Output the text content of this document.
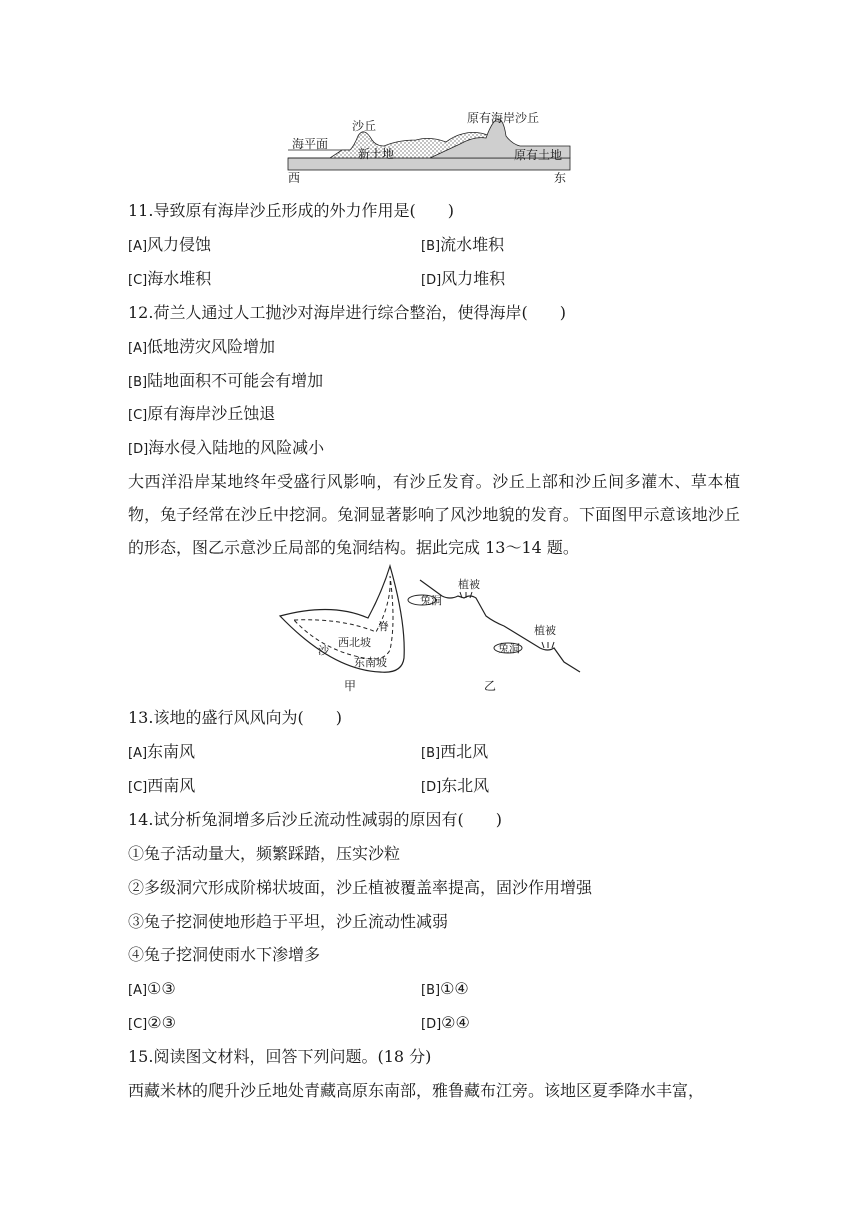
海平面
沙丘
新土地
原有海岸沙丘
原有土地
西	东
11.导致原有海岸沙丘形成的外力作用是(　　)
[A]风力侵蚀	[B]流水堆积
[C]海水堆积	[D]风力堆积
12.荷兰人通过人工抛沙对海岸进行综合整治，使得海岸(　　)
[A]低地涝灾风险增加
[B]陆地面积不可能会有增加
[C]原有海岸沙丘蚀退
[D]海水侵入陆地的风险减小
大西洋沿岸某地终年受盛行风影响，有沙丘发育。沙丘上部和沙丘间多灌木、草本植物，兔子经常在沙丘中挖洞。兔洞显著影响了风沙地貌的发育。下面图甲示意该地沙丘的形态，图乙示意沙丘局部的兔洞结构。据此完成 13～14 题。
沙
西北坡
脊
东南坡
甲
兔洞
植被
兔洞
植被
乙
13.该地的盛行风风向为(　　)
[A]东南风	[B]西北风
[C]西南风	[D]东北风
14.试分析兔洞增多后沙丘流动性减弱的原因有(　　)
①兔子活动量大，频繁踩踏，压实沙粒
②多级洞穴形成阶梯状坡面，沙丘植被覆盖率提高，固沙作用增强
③兔子挖洞使地形趋于平坦，沙丘流动性减弱
④兔子挖洞使雨水下渗增多
[A]①③	[B]①④
[C]②③	[D]②④
15.阅读图文材料，回答下列问题。(18 分)
西藏米林的爬升沙丘地处青藏高原东南部，雅鲁藏布江旁。该地区夏季降水丰富，
